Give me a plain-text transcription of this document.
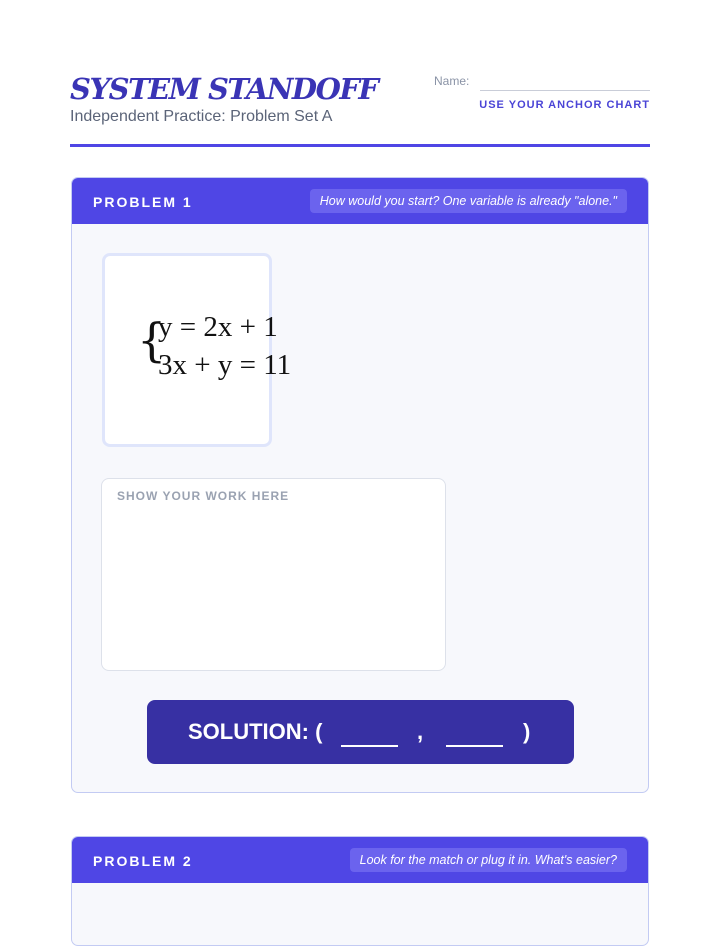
SYSTEM STANDOFF
Independent Practice: Problem Set A
Name:
USE YOUR ANCHOR CHART
PROBLEM 1	How would you start? One variable is already "alone."
{
y = 2x + 1
3x + y = 11
SHOW YOUR WORK HERE
SOLUTION: (	,	)
PROBLEM 2	Look for the match or plug it in. What's easier?
